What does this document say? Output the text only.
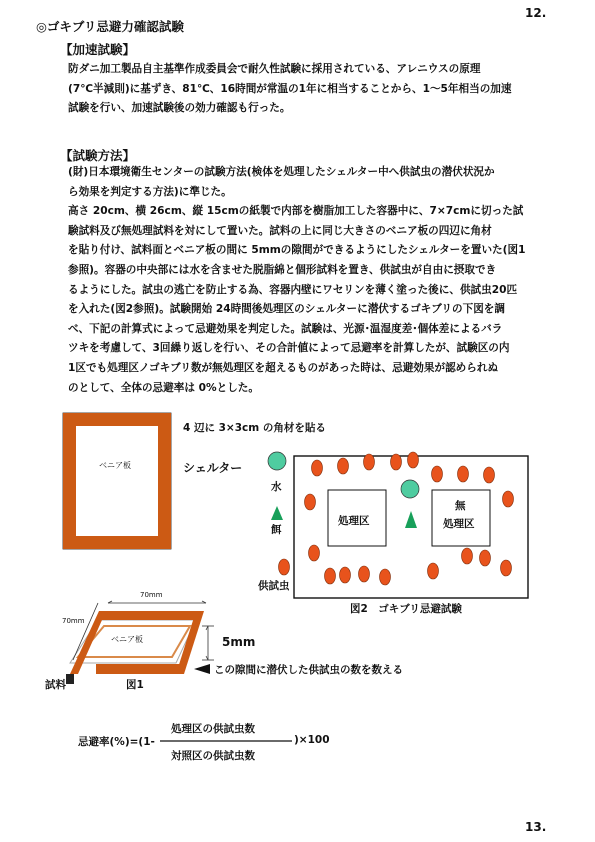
12.
13.
◎ゴキブリ忌避力確認試験
【加速試験】
防ダニ加工製品自主基準作成委員会で耐久性試験に採用されている、アレニウスの原理
(7℃半減則)に基ずき、81℃、16時間が常温の1年に相当することから、1～5年相当の加速
試験を行い、加速試験後の効力確認も行った。
【試験方法】
(財)日本環境衛生センターの試験方法(検体を処理したシェルター中へ供試虫の潜伏状況か
ら効果を判定する方法)に準じた。
高さ 20cm、横 26cm、縦 15cmの紙製で内部を樹脂加工した容器中に、7×7cmに切った試
験試料及び無処理試料を対にして置いた。試料の上に同じ大きさのベニア板の四辺に角材
を貼り付け、試料面とベニア板の間に 5mmの隙間ができるようにしたシェルターを置いた(図1
参照)。容器の中央部には水を含ませた脱脂綿と個形試料を置き、供試虫が自由に摂取でき
るようにした。試虫の逃亡を防止する為、容器内壁にワセリンを薄く塗った後に、供試虫20匹
を入れた(図2参照)。試験開始 24時間後処理区のシェルターに潜伏するゴキブリの下図を調
べ、下記の計算式によって忌避効果を判定した。試験は、光源･温湿度差･個体差によるバラ
ツキを考慮して、3回繰り返しを行い、その合計値によって忌避率を計算したが、試験区の内
1区でも処理区ノゴキブリ数が無処理区を超えるものがあった時は、忌避効果が認められぬ
のとして、全体の忌避率は 0%とした。
4 辺に 3×3cm の角材を貼る
ベニア板	シェルター
70mm
70mm
ベニア板	5mm
この隙間に潜伏した供試虫の数を数える
試料	図1
水
餌
供試虫
処理区
無
処理区
図2　ゴキブリ忌避試験
忌避率(%)=(1-
処理区の供試虫数
対照区の供試虫数
)×100
